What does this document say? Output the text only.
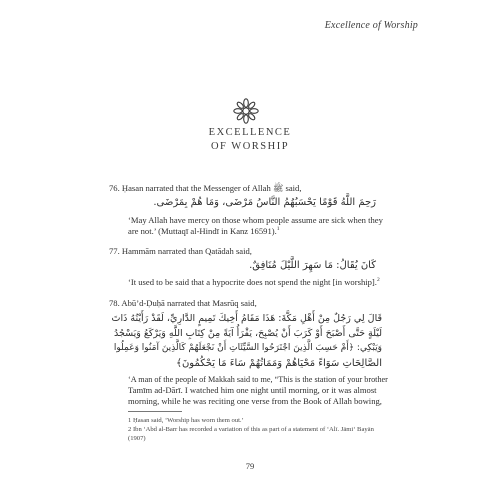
Excellence of Worship
EXCELLENCE
OF WORSHIP
76. Ḥasan narrated that the Messenger of Allah ﷺ said,
رَحِمَ اللَّهُ قَوْمًا يَحْسَبُهُمُ النَّاسُ مَرْضَى، وَمَا هُمْ بِمَرْضَى.
‘May Allah have mercy on those whom people assume are sick when they
are not.’ (Muttaqī al-Hindī in Kanz 16591).$^1$
77. Hammām narrated than Qatādah said,
كَانَ يُقَالُ: مَا سَهِرَ اللَّيْلَ مُنَافِقٌ.
‘It used to be said that a hypocrite does not spend the night [in worship].$^2$
78. Abū’d-Ḍuḥā narrated that Masrūq said,
قَالَ لِي رَجُلٌ مِنْ أَهْلِ مَكَّةَ: هَذَا مَقَامُ أَخِيكَ تَمِيمٍ الدَّارِيِّ، لَقَدْ رَأَيْتُهُ ذَاتَ
لَيْلَةٍ حَتَّى أَصْبَحَ أَوْ كَرَبَ أَنْ يُصْبِحَ، يَقْرَأُ آيَةً مِنْ كِتَابِ اللَّهِ وَيَرْكَعُ وَيَسْجُدُ
وَيَبْكِي: ﴿أَمْ حَسِبَ الَّذِينَ اجْتَرَحُوا السَّيِّئَاتِ أَنْ نَجْعَلَهُمْ كَالَّذِينَ آمَنُوا وَعَمِلُوا
الصَّالِحَاتِ سَوَاءً مَحْيَاهُمْ وَمَمَاتُهُمْ سَاءَ مَا يَحْكُمُونَ﴾
‘A man of the people of Makkah said to me, “This is the station of your brother
Tamīm ad-Dārī. I watched him one night until morning, or it was almost
morning, while he was reciting one verse from the Book of Allah bowing,
1 Ḥasan said, ‘Worship has worn them out.’
2 Ibn ‘Abd al-Barr has recorded a variation of this as part of a statement of ‘Alī. Jāmi‘ Bayān
(1907)
79
